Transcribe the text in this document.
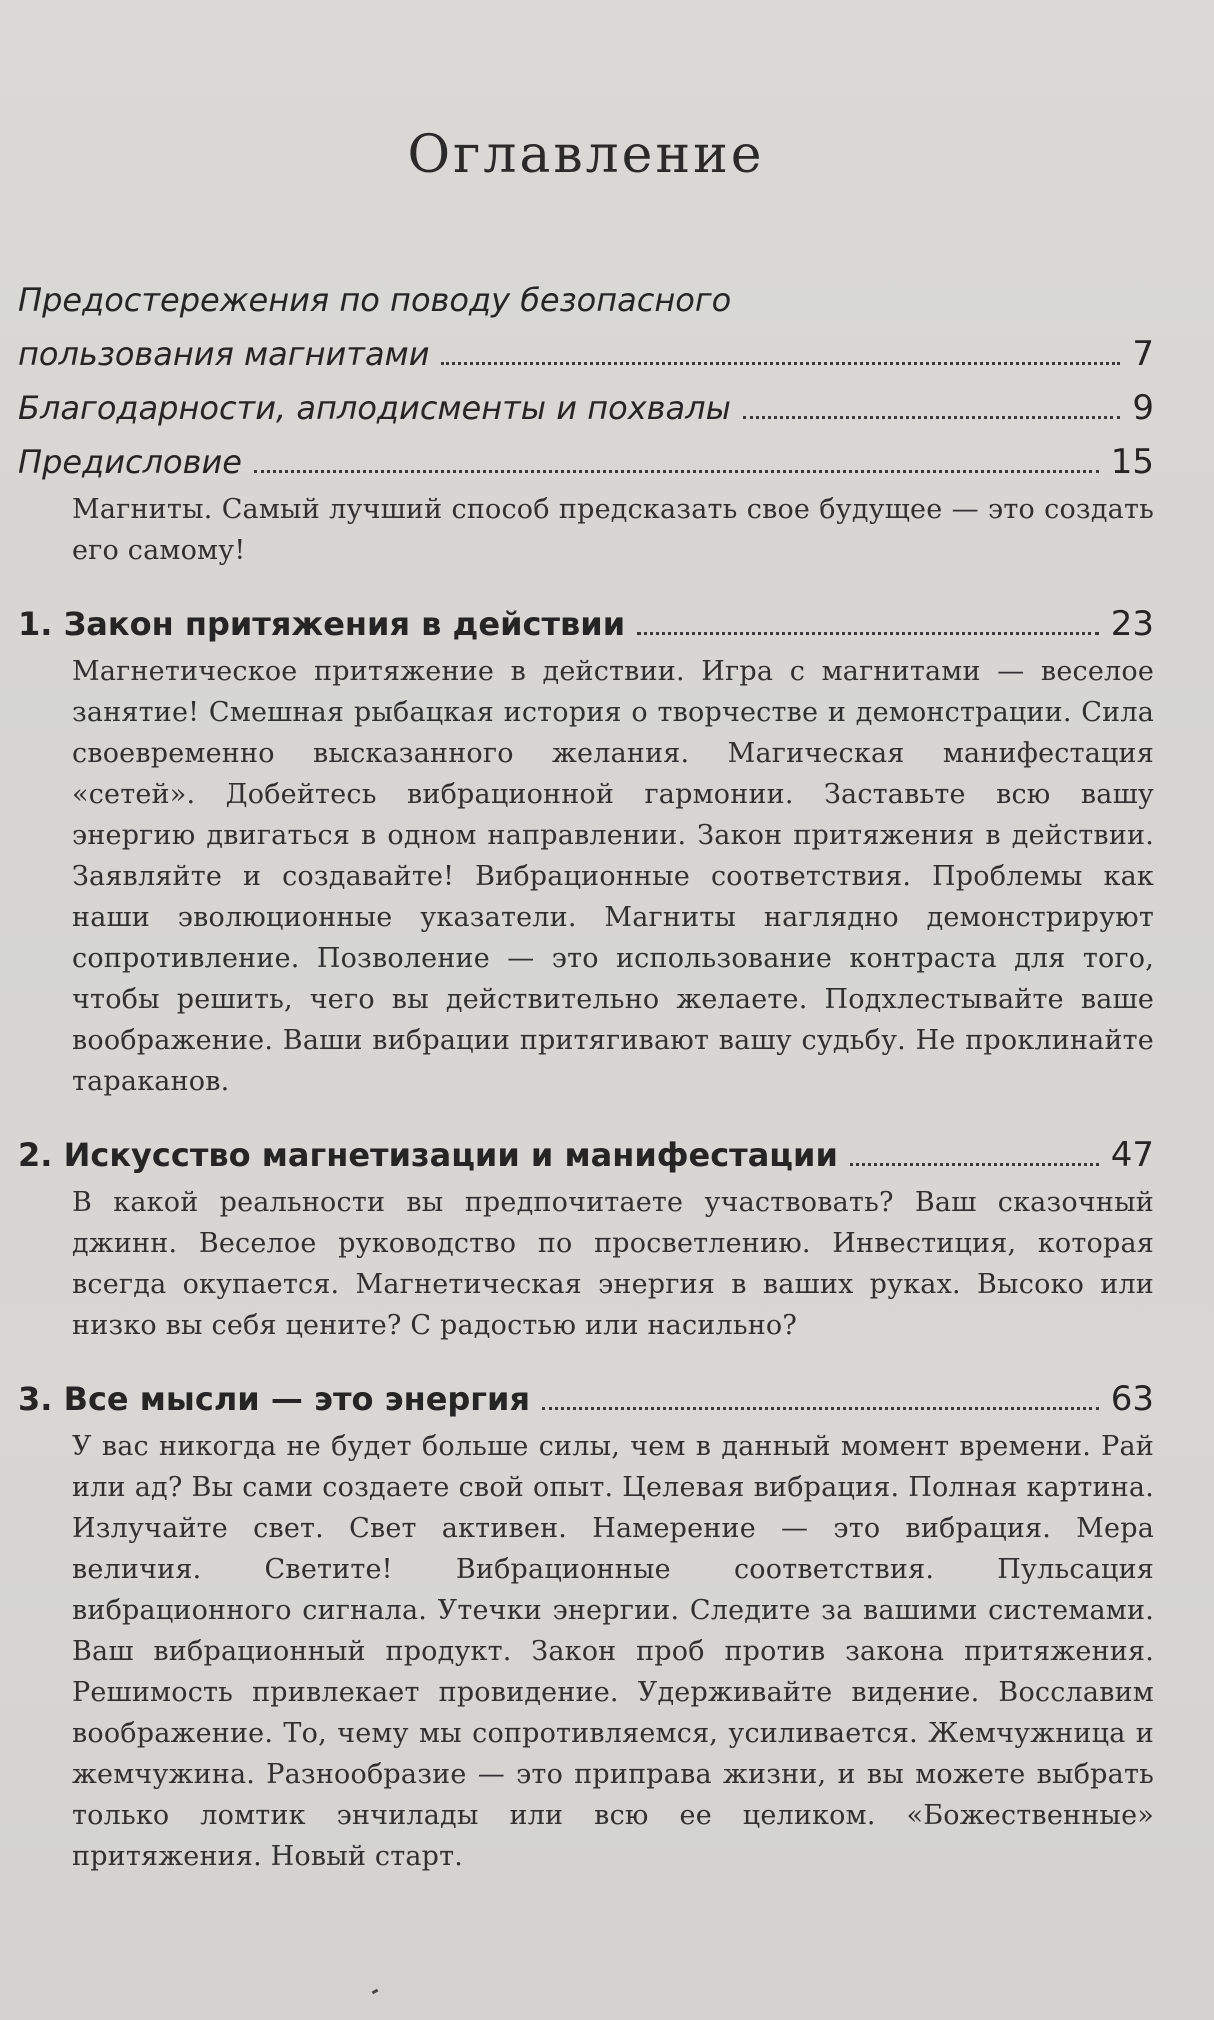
Оглавление
Предостережения по поводу безопасного
пользования магнитами	7
Благодарности, аплодисменты и похвалы	9
Предисловие	15

Магниты. Самый лучший способ предсказать свое будущее — это создать его самому!

1. Закон притяжения в действии	23

Магнетическое притяжение в действии. Игра с магнитами — веселое занятие! Смешная рыбацкая история о творчестве и демонстрации. Сила своевременно высказанного желания. Магическая манифестация «сетей». Добейтесь вибрационной гармонии. Заставьте всю вашу энергию двигаться в одном направлении. Закон притяжения в действии. Заявляйте и создавайте! Вибрационные соответствия. Проблемы как наши эволюционные указатели. Магниты наглядно демонстрируют сопротивление. Позволение — это использование контраста для того, чтобы решить, чего вы действительно желаете. Подхлестывайте ваше воображение. Ваши вибрации притягивают вашу судьбу. Не проклинайте тараканов.

2. Искусство магнетизации и манифестации	47

В какой реальности вы предпочитаете участвовать? Ваш сказочный джинн. Веселое руководство по просветлению. Инвестиция, которая всегда окупается. Магнетическая энергия в ваших руках. Высоко или низко вы себя цените? С радостью или насильно?

3. Все мысли — это энергия	63

У вас никогда не будет больше силы, чем в данный момент времени. Рай или ад? Вы сами создаете свой опыт. Целевая вибрация. Полная картина. Излучайте свет. Свет активен. Намерение — это вибрация. Мера величия. Светите! Вибрационные соответствия. Пульсация вибрационного сигнала. Утечки энергии. Следите за вашими системами. Ваш вибрационный продукт. Закон проб против закона притяжения. Решимость привлекает провидение. Удерживайте видение. Восславим воображение. То, чему мы сопротивляемся, усиливается. Жемчужница и жемчужина. Разнообразие — это приправа жизни, и вы можете выбрать только ломтик энчилады или всю ее целиком. «Божественные» притяжения. Новый старт.
